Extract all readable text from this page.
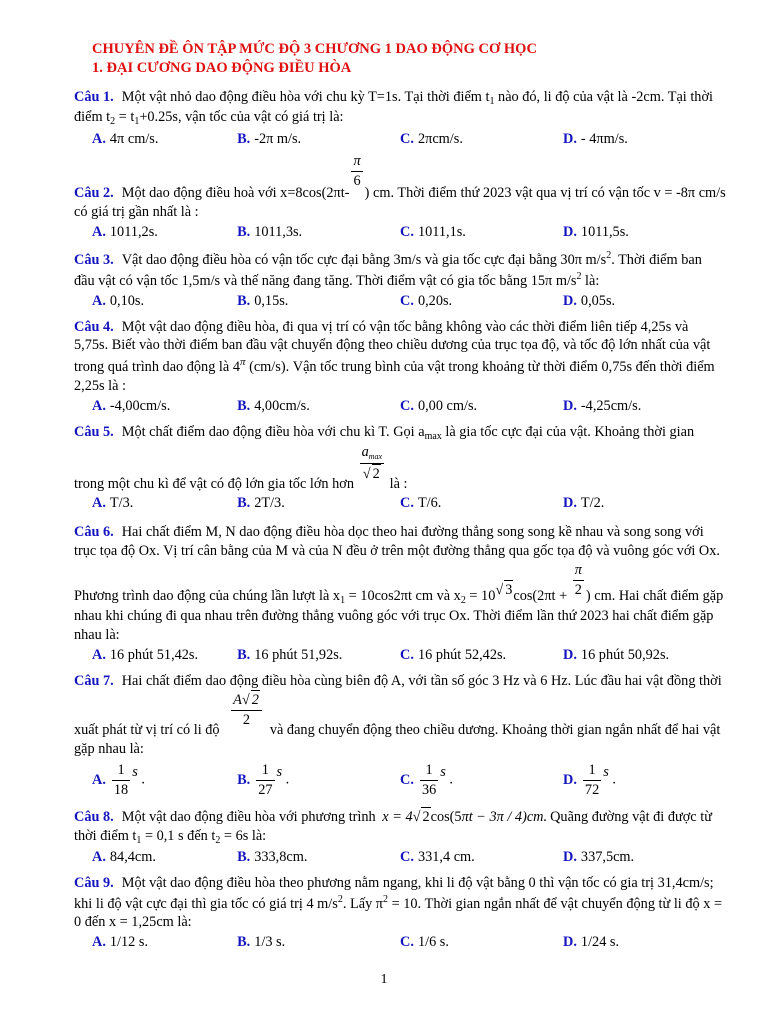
CHUYÊN ĐỀ ÔN TẬP MỨC ĐỘ 3 CHƯƠNG 1 DAO ĐỘNG CƠ HỌC
1. ĐẠI CƯƠNG DAO ĐỘNG ĐIỀU HÒA
Câu 1. Một vật nhỏ dao động điều hòa với chu kỳ T=1s. Tại thời điểm $t_1$ nào đó, li độ của vật là -2cm. Tại thời điểm $t_2 = t_1+0.25s$, vận tốc của vật có giá trị là:
A. 4π cm/s.	B. -2π m/s.	C. 2πcm/s.	D. - 4πm/s.
Câu 2. Một dao động điều hoà với x=8cos(2πt-
$\frac{\pi}{6}$
) cm. Thời điểm thứ 2023 vật qua vị trí có vận tốc v = -8π cm/s có giá trị gần nhất là :
A. 1011,2s.	B. 1011,3s.	C. 1011,1s.	D. 1011,5s.
Câu 3. Vật dao động điều hòa có vận tốc cực đại bằng 3m/s và gia tốc cực đại bằng 30π $m/s^2$. Thời điểm ban đầu vật có vận tốc 1,5m/s và thế năng đang tăng. Thời điểm vật có gia tốc bằng 15π $m/s^2$ là:
A. 0,10s.	B. 0,15s.	C. 0,20s.	D. 0,05s.
Câu 4. Một vật dao động điều hòa, đi qua vị trí có vận tốc bằng không vào các thời điểm liên tiếp 4,25s và 5,75s. Biết vào thời điểm ban đầu vật chuyển động theo chiều dương của trục tọa độ, và tốc độ lớn nhất của vật trong quá trình dao động là $4^\pi$ (cm/s). Vận tốc trung bình của vật trong khoảng từ thời điểm 0,75s đến thời điểm 2,25s là :
A. -4,00cm/s.	B. 4,00cm/s.	C. 0,00 cm/s.	D. -4,25cm/s.
Câu 5. Một chất điểm dao động điều hòa với chu kì T. Gọi $a_{max}$ là gia tốc cực đại của vật. Khoảng thời gian trong một chu kì để vật có độ lớn gia tốc lớn hơn
$\frac{a_{max}}{√ 2}$
là :
A. T/3.	B. 2T/3.	C. T/6.	D. T/2.
Câu 6. Hai chất điểm M, N dao động điều hòa dọc theo hai đường thẳng song song kề nhau và song song với trục tọa độ Ox. Vị trí cân bằng của M và của N đều ở trên một đường thẳng qua gốc tọa độ và vuông góc với Ox. Phương trình dao động của chúng lần lượt là $x_1 = 10\cos 2\pi t$ cm và $x_2 = 10√$ $3\cos(2\pi t + \frac{\pi}{2}$ ) cm. Hai chất điểm gặp nhau khi chúng đi qua nhau trên đường thẳng vuông góc với trục Ox. Thời điểm lần thứ 2023 hai chất điểm gặp nhau là:
A. 16 phút 51,42s.	B. 16 phút 51,92s.	C. 16 phút 52,42s.	D. 16 phút 50,92s.
Câu 7. Hai chất điểm dao động điều hòa cùng biên độ A, với tần số góc 3 Hz và 6 Hz. Lúc đầu hai vật đồng thời xuất phát từ vị trí có li độ
$\frac{A√ 2}{2}$
và đang chuyển động theo chiều dương. Khoảng thời gian ngắn nhất để hai vật gặp nhau là:
A. $\frac{1}{18}$ s .	B. $\frac{1}{27}$ s .	C. $\frac{1}{36}$ s .	D. $\frac{1}{72}$ s .
Câu 8. Một vật dao động điều hòa với phương trình x = 4√ 2cos(5πt − 3π / 4)cm. Quãng đường vật đi được từ thời điểm $t_1 = 0,1$ s đến $t_2 = 6s$ là:
A. 84,4cm.	B. 333,8cm.	C. 331,4 cm.	D. 337,5cm.
Câu 9. Một vật dao động điều hòa theo phương nằm ngang, khi li độ vật bằng 0 thì vận tốc có gia trị 31,4cm/s; khi li độ vật cực đại thì gia tốc có giá trị 4 $m/s^2$. Lấy $\pi^2 = 10$. Thời gian ngắn nhất để vật chuyển động từ li độ x = 0 đến x = 1,25cm là:
A. 1/12 s.	B. 1/3 s.	C. 1/6 s.	D. 1/24 s.
1
